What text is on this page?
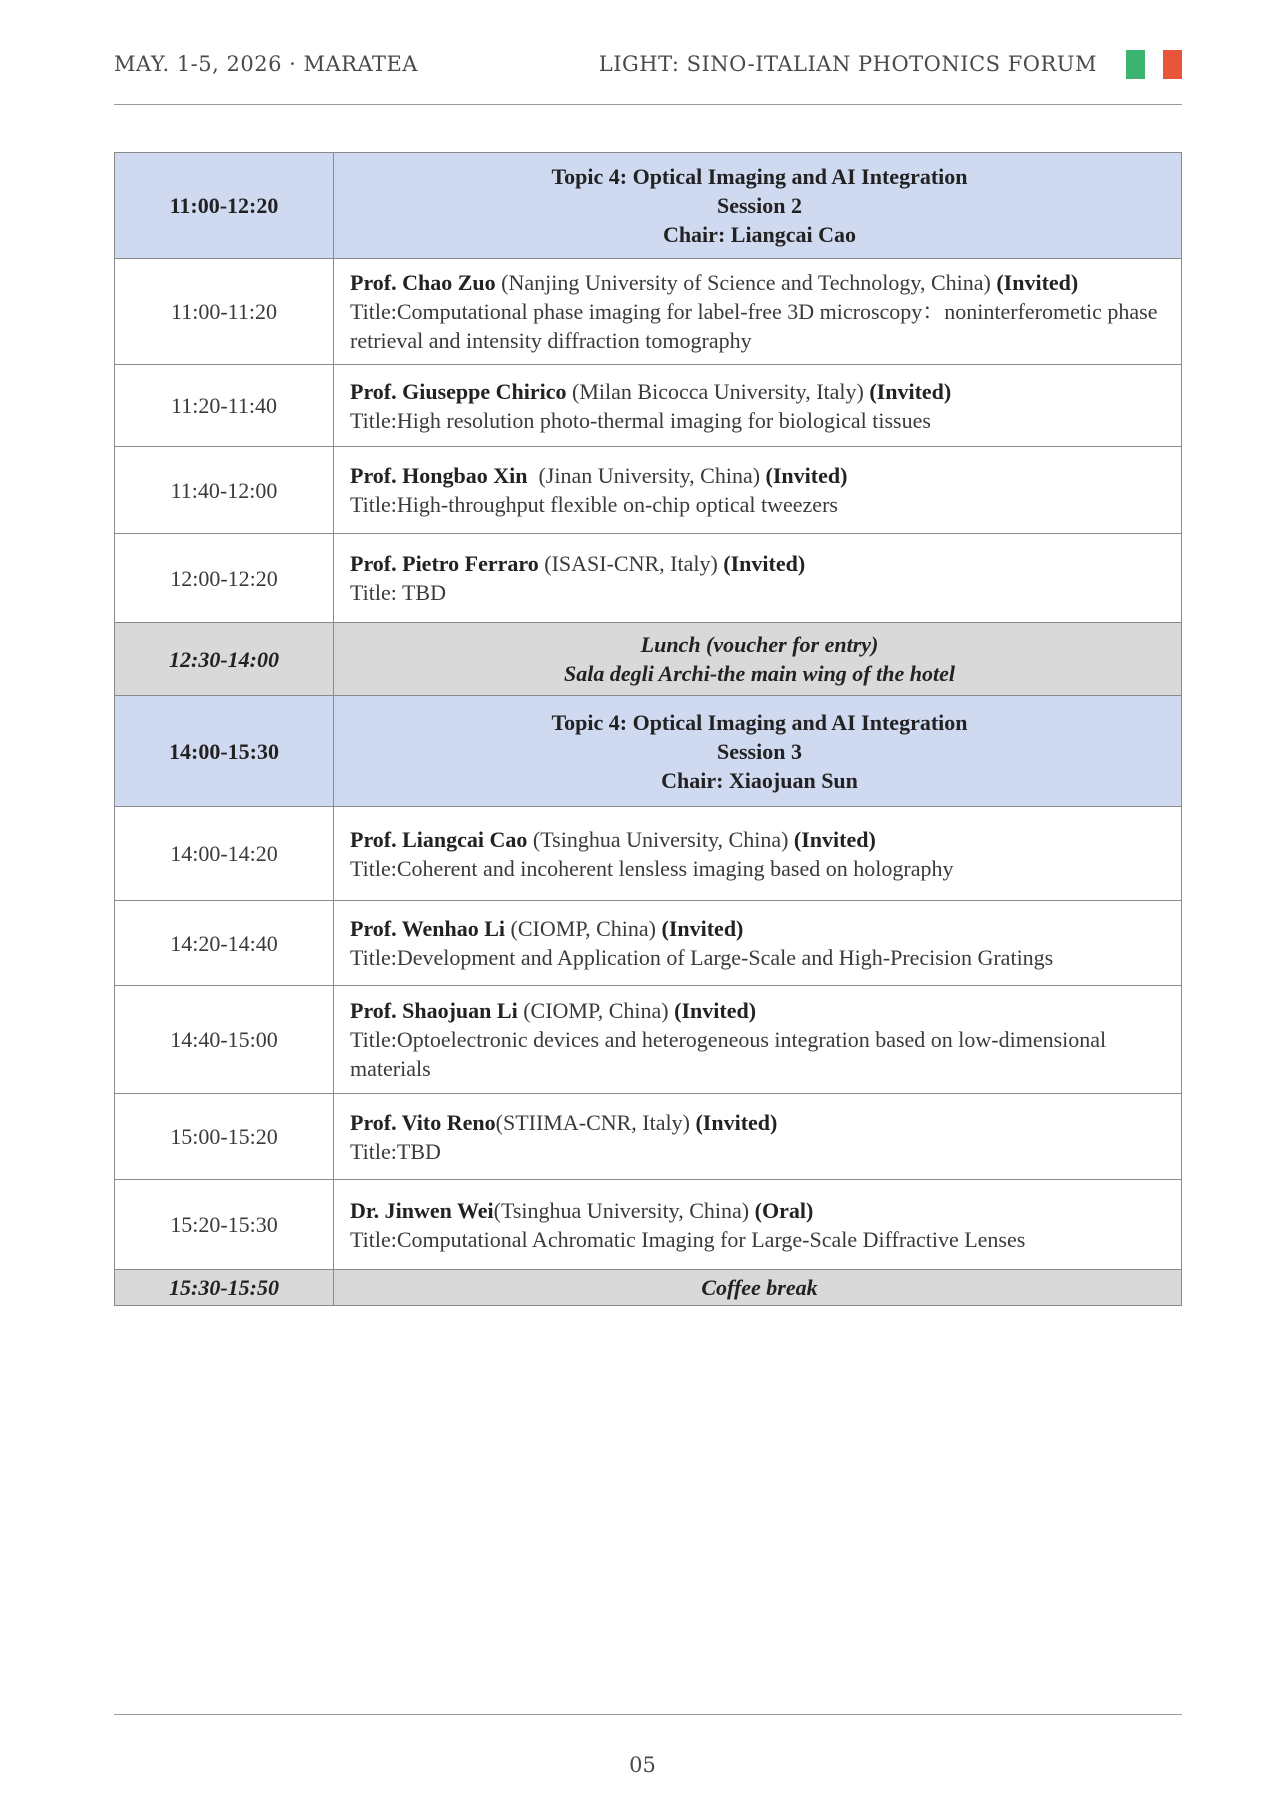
MAY. 1-5, 2026 · MARATEA	LIGHT: SINO-ITALIAN PHOTONICS FORUM
11:00-12:20	Topic 4: Optical Imaging and AI Integration
Session 2
Chair: Liangcai Cao

11:00-11:20	Prof. Chao Zuo (Nanjing University of Science and Technology, China) (Invited)
Title:Computational phase imaging for label-free 3D microscopy：noninterferometic phase retrieval and intensity diffraction tomography

11:20-11:40	Prof. Giuseppe Chirico (Milan Bicocca University, Italy) (Invited)
Title:High resolution photo-thermal imaging for biological tissues

11:40-12:00	Prof. Hongbao Xin  (Jinan University, China) (Invited)
Title:High-throughput flexible on-chip optical tweezers

12:00-12:20	Prof. Pietro Ferraro (ISASI-CNR, Italy) (Invited)
Title: TBD

12:30-14:00	Lunch (voucher for entry)
Sala degli Archi-the main wing of the hotel

14:00-15:30	Topic 4: Optical Imaging and AI Integration
Session 3
Chair: Xiaojuan Sun

14:00-14:20	Prof. Liangcai Cao (Tsinghua University, China) (Invited)
Title:Coherent and incoherent lensless imaging based on holography

14:20-14:40	Prof. Wenhao Li (CIOMP, China) (Invited)
Title:Development and Application of Large-Scale and High-Precision Gratings

14:40-15:00	Prof. Shaojuan Li (CIOMP, China) (Invited)
Title:Optoelectronic devices and heterogeneous integration based on low-dimensional materials

15:00-15:20	Prof. Vito Reno(STIIMA-CNR, Italy) (Invited)
Title:TBD

15:20-15:30	Dr. Jinwen Wei(Tsinghua University, China) (Oral)
Title:Computational Achromatic Imaging for Large-Scale Diffractive Lenses

15:30-15:50	Coffee break
05
